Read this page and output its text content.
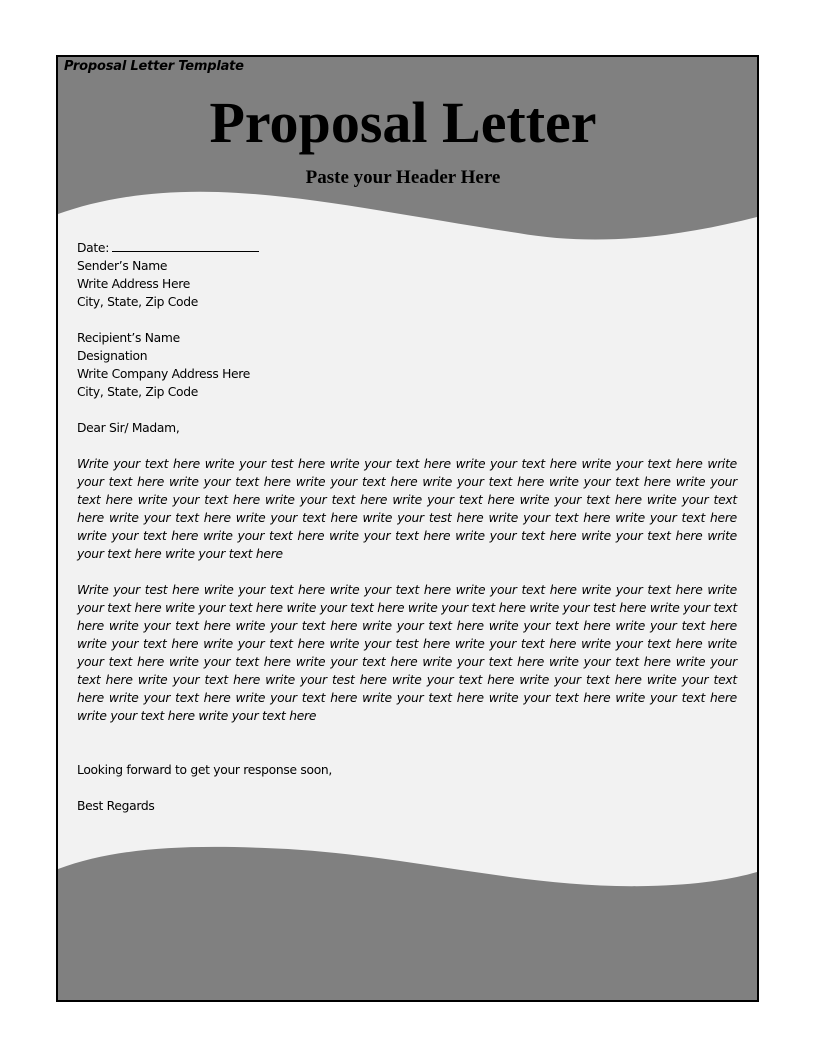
Proposal Letter Template
Proposal Letter
Paste your Header Here
Date:
Sender’s Name
Write Address Here
City, State, Zip Code
Recipient’s Name
Designation
Write Company Address Here
City, State, Zip Code
Dear Sir/ Madam,
Write your text here write your test here write your text here write your text here write your text here write your text here write your text here write your text here write your text here write your text here write your text here write your text here write your text here write your text here write your text here write your text here write your text here write your text here write your test here write your text here write your text here write your text here write your text here write your text here write your text here write your text here write your text here write your text here
Write your test here write your text here write your text here write your text here write your text here write your text here write your text here write your text here write your text here write your test here write your text here write your text here write your text here write your text here write your text here write your text here write your text here write your text here write your test here write your text here write your text here write your text here write your text here write your text here write your text here write your text here write your text here write your text here write your test here write your text here write your text here write your text here write your text here write your text here write your text here write your text here write your text here write your text here write your text here
Looking forward to get your response soon,
Best Regards
